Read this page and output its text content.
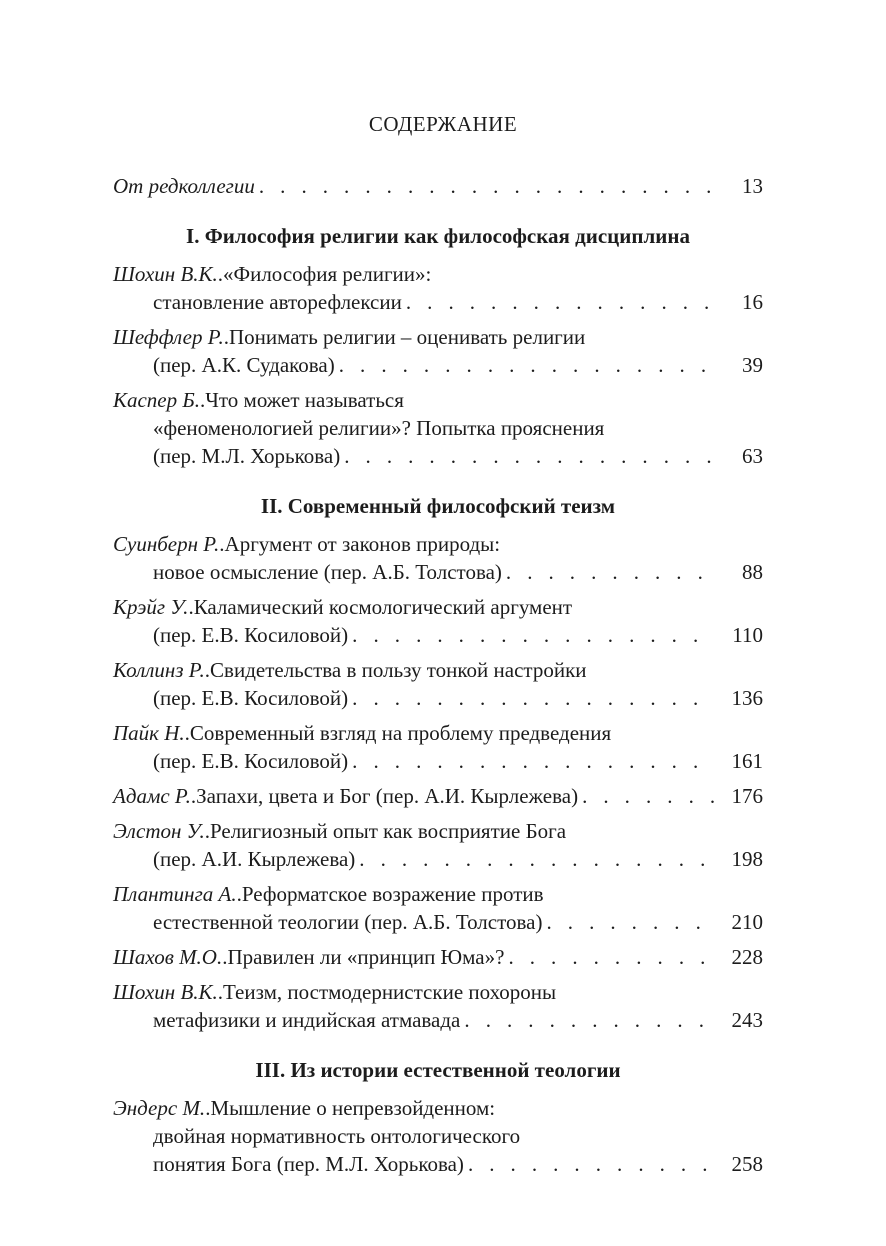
СОДЕРЖАНИЕ
От редколлегии . . .	13
I. Философия религии как философская дисциплина
Шохин В.К. . «Философия религии»:
становление авторефлексии . . .	16
Шеффлер Р. . Понимать религии – оценивать религии
(пер. А.К. Судакова) . . .	39
Каспер Б. . Что может называться
«феноменологией религии»? Попытка прояснения
(пер. М.Л. Хорькова) . . .	63
II. Современный философский теизм
Суинберн Р. . Аргумент от законов природы:
новое осмысление (пер. А.Б. Толстова) . . .	88
Крэйг У. . Каламический космологический аргумент
(пер. Е.В. Косиловой) . . .	110
Коллинз Р. . Свидетельства в пользу тонкой настройки
(пер. Е.В. Косиловой) . . .	136
Пайк Н. . Современный взгляд на проблему предведения
(пер. Е.В. Косиловой) . . .	161
Адамс Р. . Запахи, цвета и Бог (пер. А.И. Кырлежева) . . .	176
Элстон У. . Религиозный опыт как восприятие Бога
(пер. А.И. Кырлежева) . . .	198
Плантинга А. . Реформатское возражение против
естественной теологии (пер. А.Б. Толстова) . . .	210
Шахов М.О. . Правилен ли «принцип Юма»? . . .	228
Шохин В.К. . Теизм, постмодернистские похороны
метафизики и индийская атмавада . . .	243
III. Из истории естественной теологии
Эндерс М. . Мышление о непревзойденном:
двойная нормативность онтологического
понятия Бога (пер. М.Л. Хорькова) . . .	258
